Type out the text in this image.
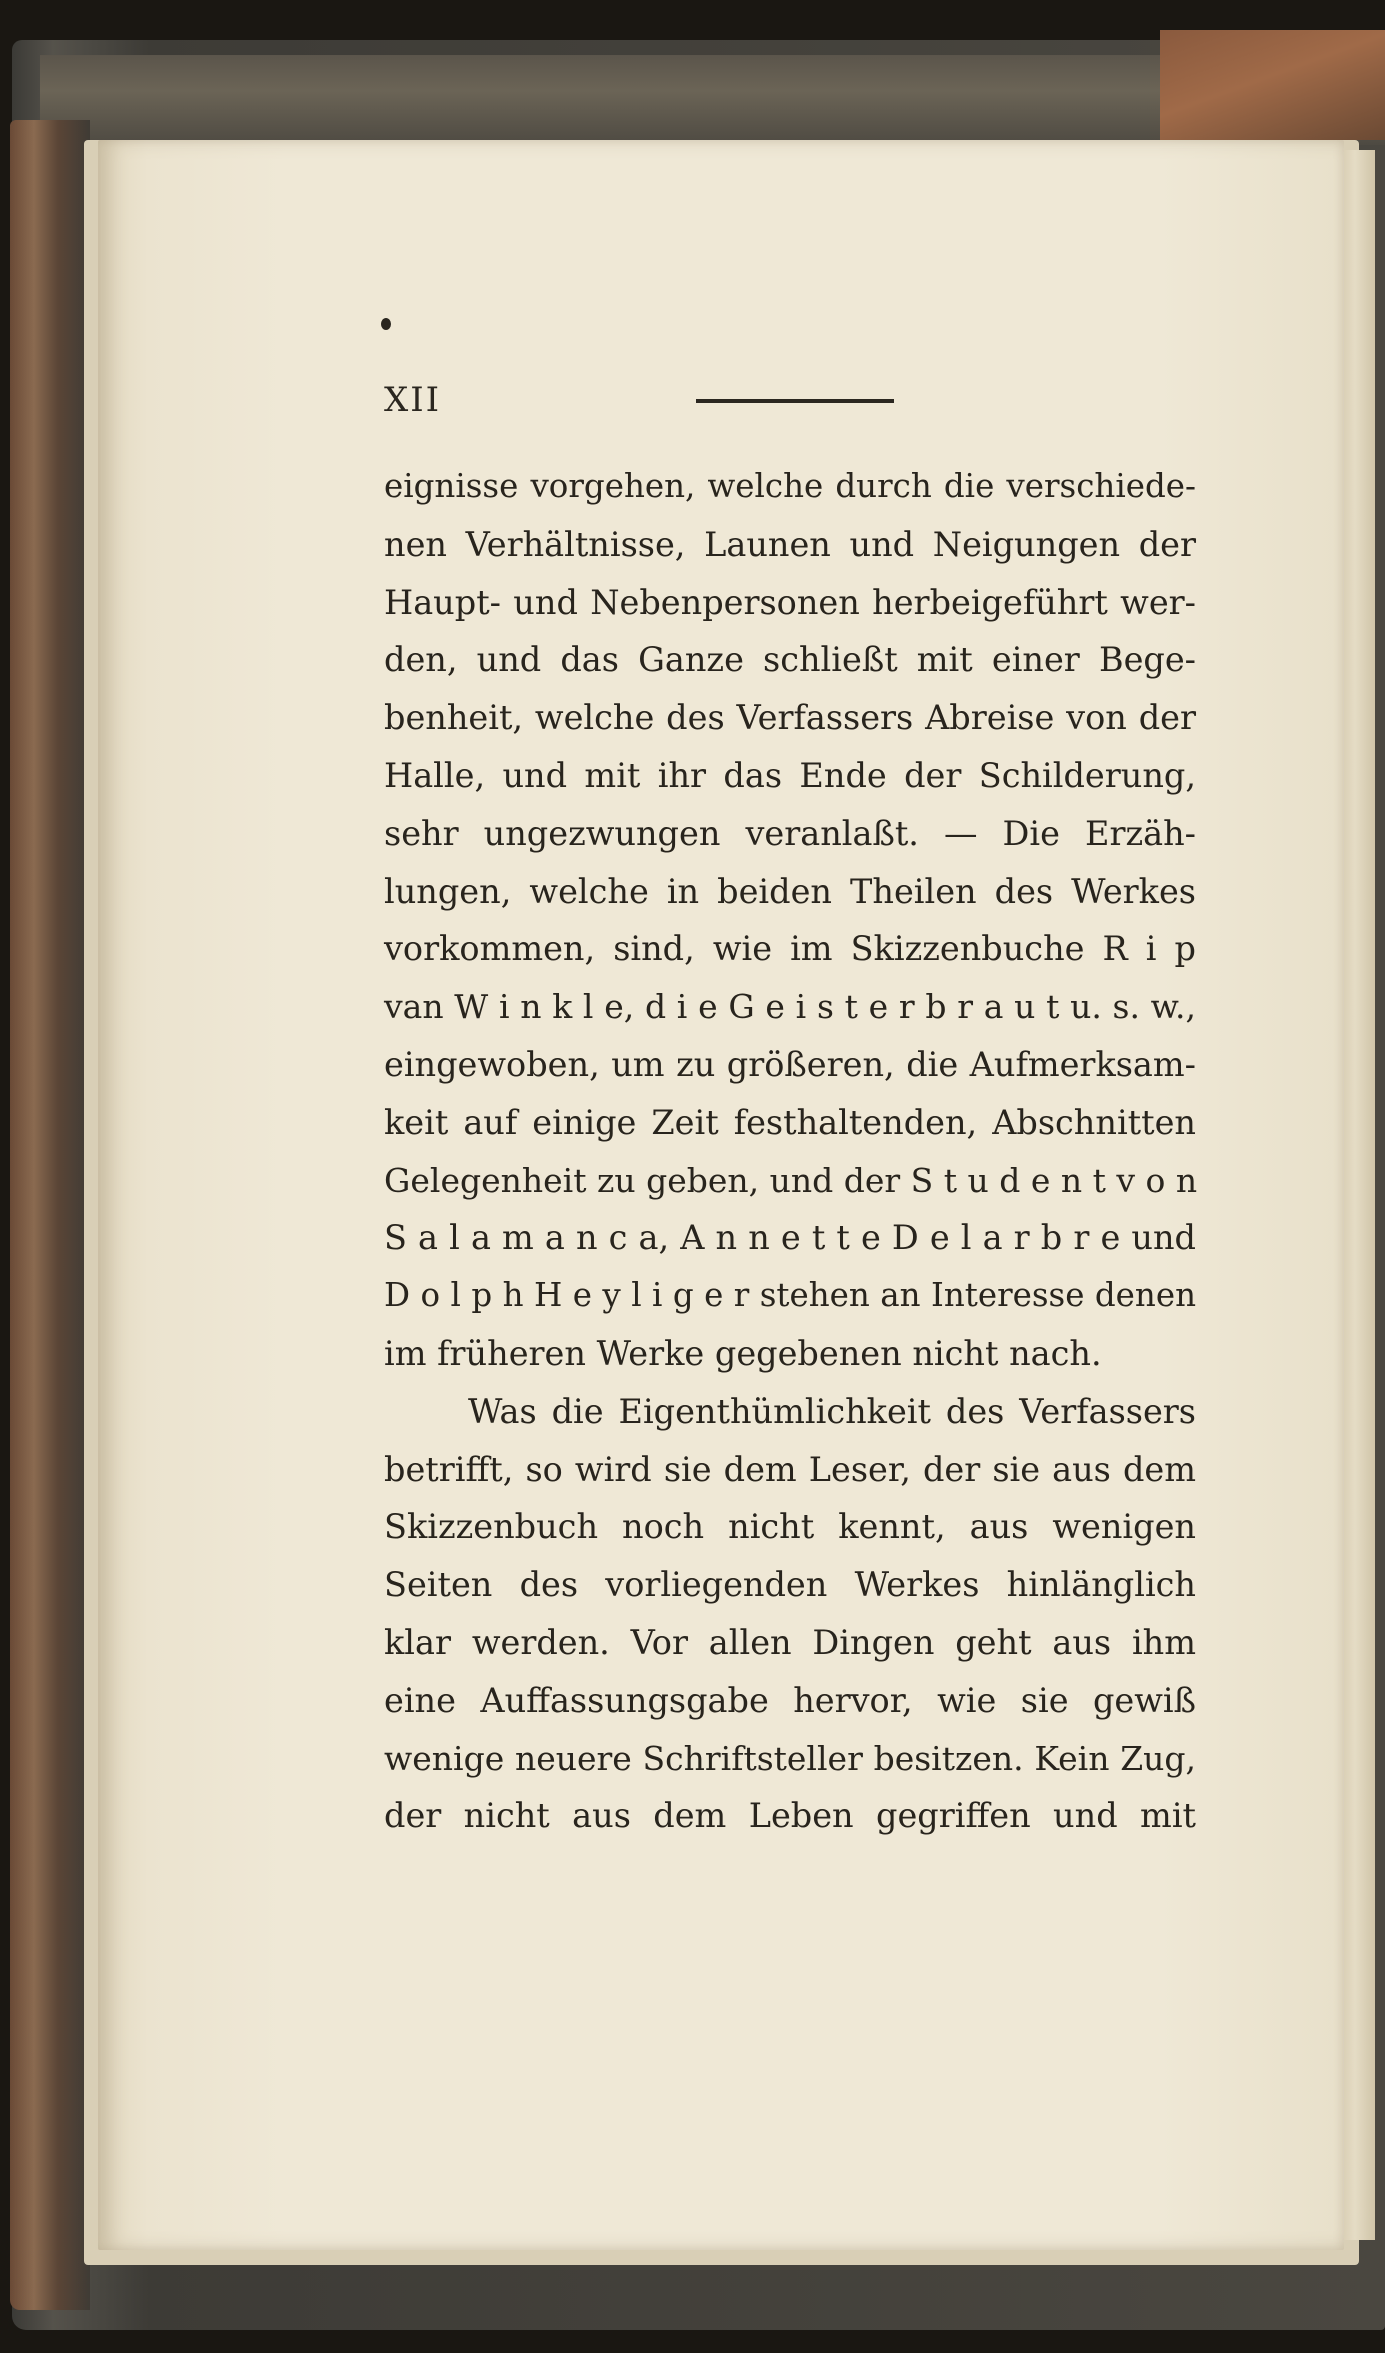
XII
eignisse vorgehen, welche durch die verschiede-
nen Verhältnisse, Launen und Neigungen der
Haupt- und Nebenpersonen herbeigeführt wer-
den, und das Ganze schließt mit einer Bege-
benheit, welche des Verfassers Abreise von der
Halle, und mit ihr das Ende der Schilderung,
sehr ungezwungen veranlaßt. — Die Erzäh-
lungen, welche in beiden Theilen des Werkes
vorkommen, sind, wie im Skizzenbuche R i p
van W i n k l e, d i e G e i s t e r b r a u t u. s. w.,
eingewoben, um zu größeren, die Aufmerksam-
keit auf einige Zeit festhaltenden, Abschnitten
Gelegenheit zu geben, und der S t u d e n t v o n
S a l a m a n c a, A n n e t t e D e l a r b r e und
D o l p h H e y l i g e r stehen an Interesse denen
im früheren Werke gegebenen nicht nach.
Was die Eigenthümlichkeit des Verfassers
betrifft, so wird sie dem Leser, der sie aus dem
Skizzenbuch noch nicht kennt, aus wenigen
Seiten des vorliegenden Werkes hinlänglich
klar werden. Vor allen Dingen geht aus ihm
eine Auffassungsgabe hervor, wie sie gewiß
wenige neuere Schriftsteller besitzen. Kein Zug,
der nicht aus dem Leben gegriffen und mit
